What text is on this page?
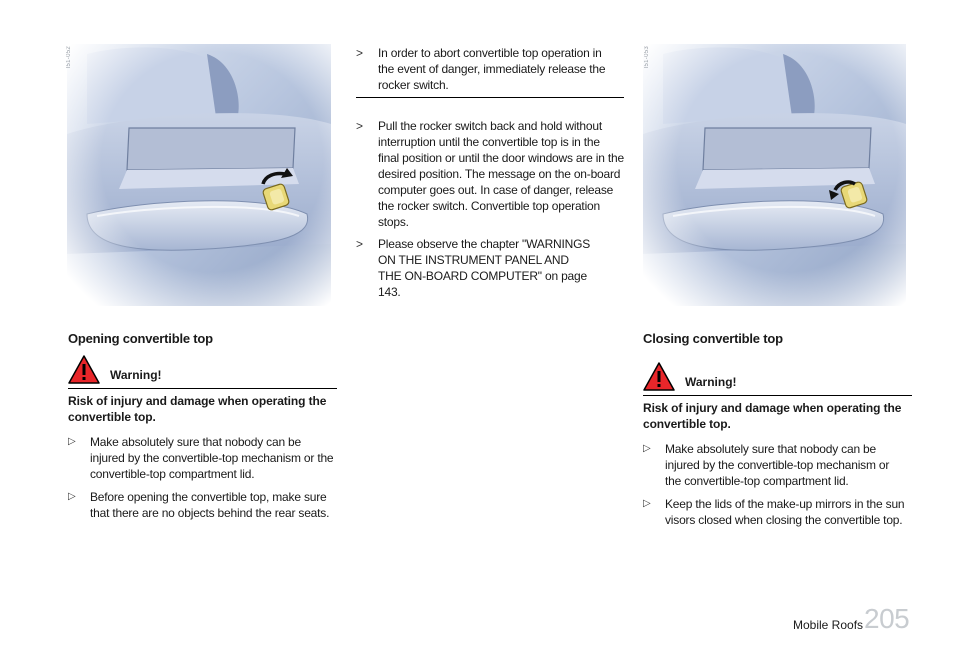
I51-052	I51-053
Opening convertible top
Warning!
Risk of injury and damage when operating the convertible top.
▷ Make absolutely sure that nobody can be injured by the convertible-top mechanism or the convertible-top compartment lid.
▷ Before opening the convertible top, make sure that there are no objects behind the rear seats.
> In order to abort convertible top operation in the event of danger, immediately release the rocker switch.
> Pull the rocker switch back and hold without interruption until the convertible top is in the final position or until the door windows are in the desired position. The message on the on-board computer goes out. In case of danger, release the rocker switch. Convertible top operation stops.
> Please observe the chapter "WARNINGS ON THE INSTRUMENT PANEL AND THE ON-BOARD COMPUTER" on page 143.
Closing convertible top
Warning!
Risk of injury and damage when operating the convertible top.
▷ Make absolutely sure that nobody can be injured by the convertible-top mechanism or the convertible-top compartment lid.
▷ Keep the lids of the make-up mirrors in the sun visors closed when closing the convertible top.
Mobile Roofs 205
